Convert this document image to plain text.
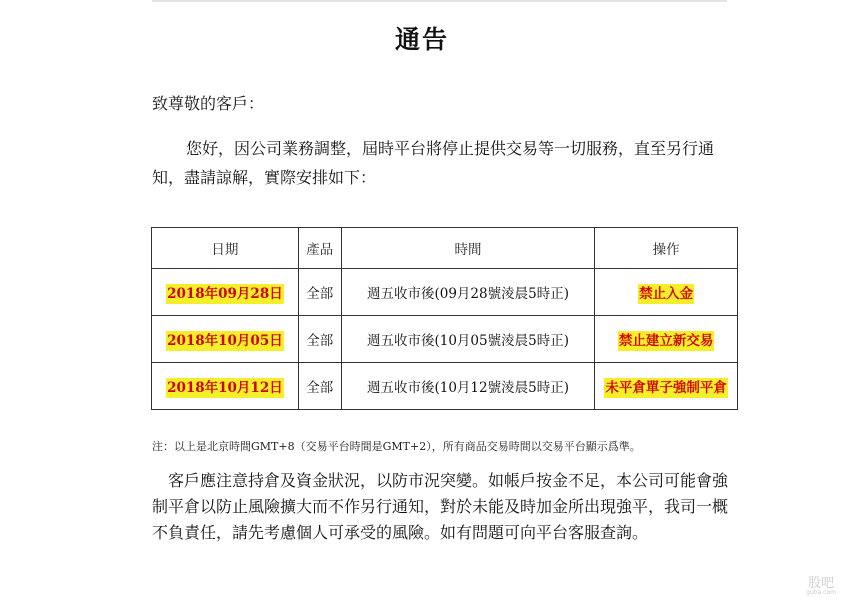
通告
致尊敬的客戶：
您好，因公司業務調整，屆時平台將停止提供交易等一切服務，直至另行通知，盡請諒解，實際安排如下：
日期	產品	時間	操作
2018年09月28日	全部	週五收市後(09月28號淩晨5時正)	禁止入金
2018年10月05日	全部	週五收市後(10月05號淩晨5時正)	禁止建立新交易
2018年10月12日	全部	週五收市後(10月12號淩晨5時正)	未平倉單子強制平倉
注：以上是北京時間GMT+8（交易平台時間是GMT+2），所有商品交易時間以交易平台顯示爲準。
客戶應注意持倉及資金狀況，以防市況突變。如帳戶按金不足，本公司可能會強制平倉以防止風險擴大而不作另行通知，對於未能及時加金所出現強平，我司一概不負責任，請先考慮個人可承受的風險。如有問題可向平台客服查詢。
股吧
guba.com
